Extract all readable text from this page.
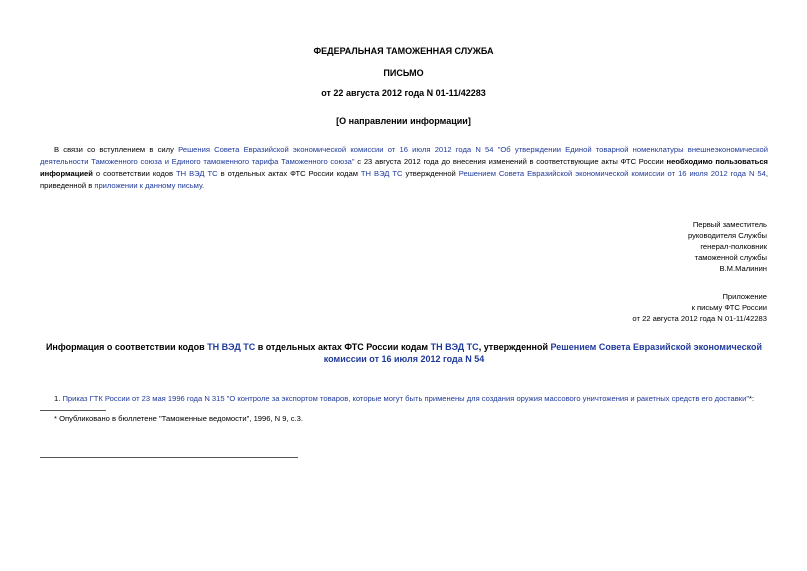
ФЕДЕРАЛЬНАЯ ТАМОЖЕННАЯ СЛУЖБА
ПИСЬМО
от 22 августа 2012 года N 01-11/42283
[О направлении информации]
В связи со вступлением в силу Решения Совета Евразийской экономической комиссии от 16 июля 2012 года N 54 "Об утверждении Единой товарной номенклатуры внешнеэкономической деятельности Таможенного союза и Единого таможенного тарифа Таможенного союза" с 23 августа 2012 года до внесения изменений в соответствующие акты ФТС России необходимо пользоваться информацией о соответствии кодов ТН ВЭД ТС в отдельных актах ФТС России кодам ТН ВЭД ТС утвержденной Решением Совета Евразийской экономической комиссии от 16 июля 2012 года N 54, приведенной в приложении к данному письму.
Первый заместитель
руководителя Службы
генерал-полковник
таможенной службы
В.М.Малинин
Приложение
к письму ФТС России
от 22 августа 2012 года N 01-11/42283
Информация о соответствии кодов ТН ВЭД ТС в отдельных актах ФТС России кодам ТН ВЭД ТС, утвержденной Решением Совета Евразийской экономической комиссии от 16 июля 2012 года N 54
1. Приказ ГТК России от 23 мая 1996 года N 315 "О контроле за экспортом товаров, которые могут быть применены для создания оружия массового уничтожения и ракетных средств его доставки"*:
* Опубликовано в бюллетене "Таможенные ведомости", 1996, N 9, с.3.
